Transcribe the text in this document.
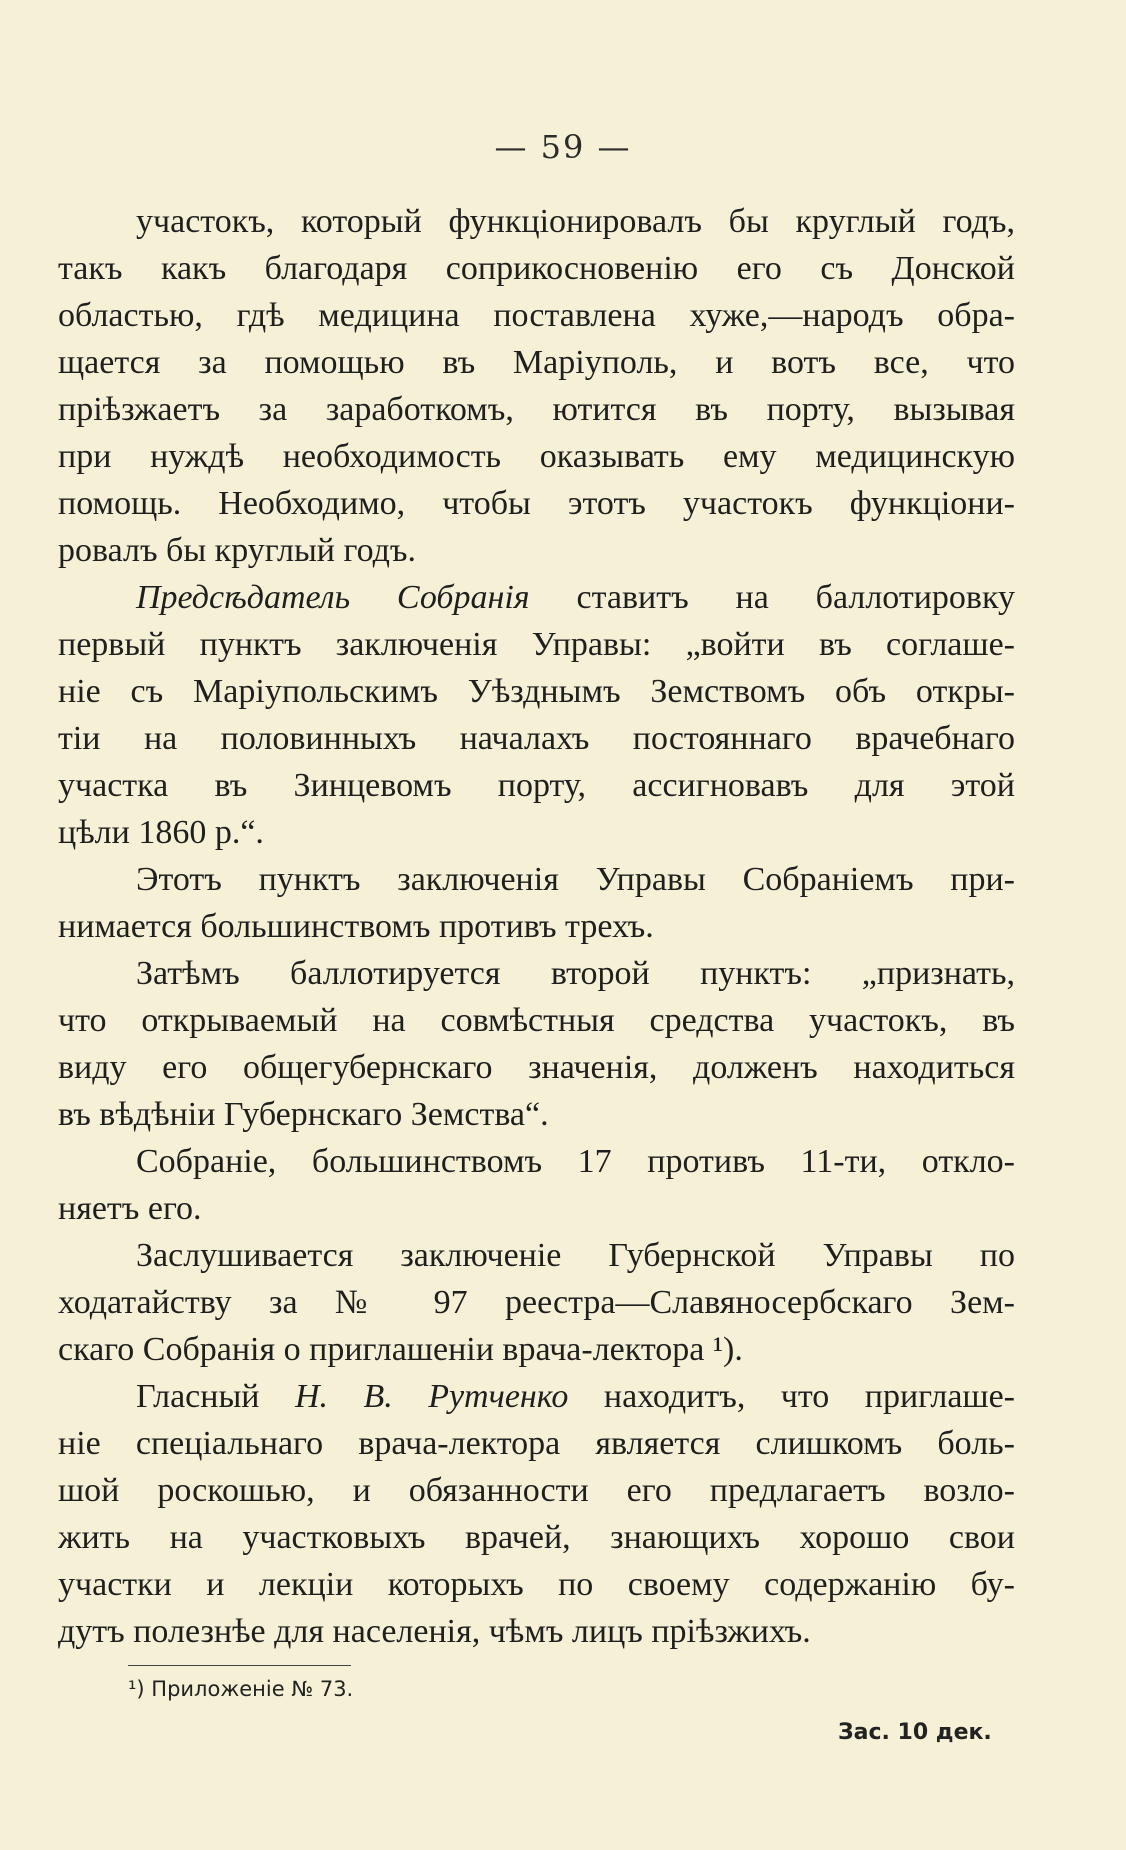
— 59 —
участокъ, который функціонировалъ бы круглый годъ,
такъ какъ благодаря соприкосновенію его съ Донской
областью, гдѣ медицина поставлена хуже,—народъ обра-
щается за помощью въ Маріуполь, и вотъ все, что
пріѣзжаетъ за заработкомъ, ютится въ порту, вызывая
при нуждѣ необходимость оказывать ему медицинскую
помощь. Необходимо, чтобы этотъ участокъ функціони-
ровалъ бы круглый годъ.
Предсѣдатель Собранія ставитъ на баллотировку
первый пунктъ заключенія Управы: „войти въ соглаше-
ніе съ Маріупольскимъ Уѣзднымъ Земствомъ объ откры-
тіи на половинныхъ началахъ постояннаго врачебнаго
участка въ Зинцевомъ порту, ассигновавъ для этой
цѣли 1860 р.“.
Этотъ пунктъ заключенія Управы Собраніемъ при-
нимается большинствомъ противъ трехъ.
Затѣмъ баллотируется второй пунктъ: „признать,
что открываемый на совмѣстныя средства участокъ, въ
виду его общегубернскаго значенія, долженъ находиться
въ вѣдѣніи Губернскаго Земства“.
Собраніе, большинствомъ 17 противъ 11-ти, откло-
няетъ его.
Заслушивается заключеніе Губернской Управы по
ходатайству за № 97 реестра—Славяносербскаго Зем-
скаго Собранія о приглашеніи врача-лектора ¹).
Гласный Н. В. Рутченко находитъ, что приглаше-
ніе спеціальнаго врача-лектора является слишкомъ боль-
шой роскошью, и обязанности его предлагаетъ возло-
жить на участковыхъ врачей, знающихъ хорошо свои
участки и лекціи которыхъ по своему содержанію бу-
дутъ полезнѣе для населенія, чѣмъ лицъ пріѣзжихъ.
¹) Приложеніе № 73.
Зас. 10 дек.
